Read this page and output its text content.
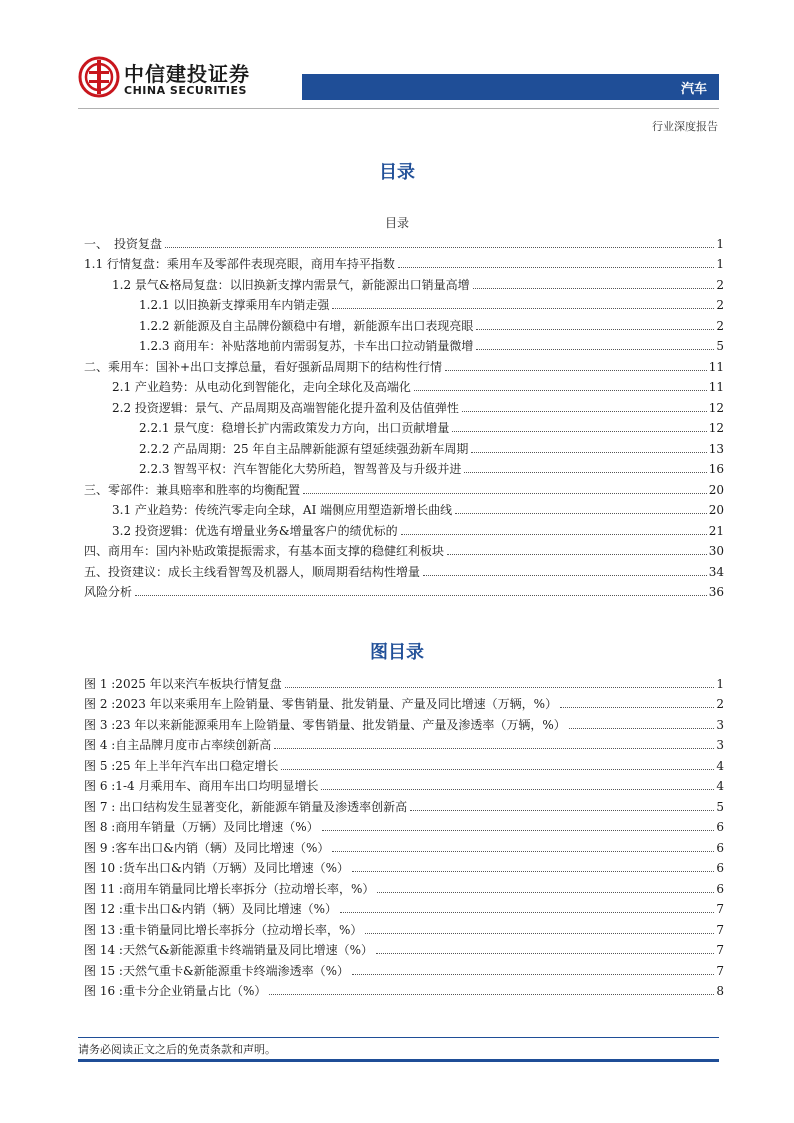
中信建投证券
CHINA SECURITIES	汽车
行业深度报告
目录
目录
一、　投资复盘	1
1.1 行情复盘：乘用车及零部件表现亮眼，商用车持平指数	1
1.2 景气&格局复盘：以旧换新支撑内需景气，新能源出口销量高增	2
1.2.1 以旧换新支撑乘用车内销走强	2
1.2.2 新能源及自主品牌份额稳中有增，新能源车出口表现亮眼	2
1.2.3 商用车：补贴落地前内需弱复苏，卡车出口拉动销量微增	5
二、乘用车：国补+出口支撑总量，看好强新品周期下的结构性行情	11
2.1 产业趋势：从电动化到智能化，走向全球化及高端化	11
2.2 投资逻辑：景气、产品周期及高端智能化提升盈利及估值弹性	12
2.2.1 景气度：稳增长扩内需政策发力方向，出口贡献增量	12
2.2.2 产品周期：25 年自主品牌新能源有望延续强劲新车周期	13
2.2.3 智驾平权：汽车智能化大势所趋，智驾普及与升级并进	16
三、零部件：兼具赔率和胜率的均衡配置	20
3.1 产业趋势：传统汽零走向全球，AI 端侧应用塑造新增长曲线	20
3.2 投资逻辑：优选有增量业务&增量客户的绩优标的	21
四、商用车：国内补贴政策提振需求，有基本面支撑的稳健红利板块	30
五、投资建议：成长主线看智驾及机器人，顺周期看结构性增量	34
风险分析	36
图目录
图 1 :2025 年以来汽车板块行情复盘	1
图 2 :2023 年以来乘用车上险销量、零售销量、批发销量、产量及同比增速（万辆，%）	2
图 3 :23 年以来新能源乘用车上险销量、零售销量、批发销量、产量及渗透率（万辆，%）	3
图 4 :自主品牌月度市占率续创新高	3
图 5 :25 年上半年汽车出口稳定增长	4
图 6 :1-4 月乘用车、商用车出口均明显增长	4
图 7 : 出口结构发生显著变化，新能源车销量及渗透率创新高	5
图 8 :商用车销量（万辆）及同比增速（%）	6
图 9 :客车出口&内销（辆）及同比增速（%）	6
图 10 :货车出口&内销（万辆）及同比增速（%）	6
图 11 :商用车销量同比增长率拆分（拉动增长率，%）	6
图 12 :重卡出口&内销（辆）及同比增速（%）	7
图 13 :重卡销量同比增长率拆分（拉动增长率，%）	7
图 14 :天然气&新能源重卡终端销量及同比增速（%）	7
图 15 :天然气重卡&新能源重卡终端渗透率（%）	7
图 16 :重卡分企业销量占比（%）	8
请务必阅读正文之后的免责条款和声明。
